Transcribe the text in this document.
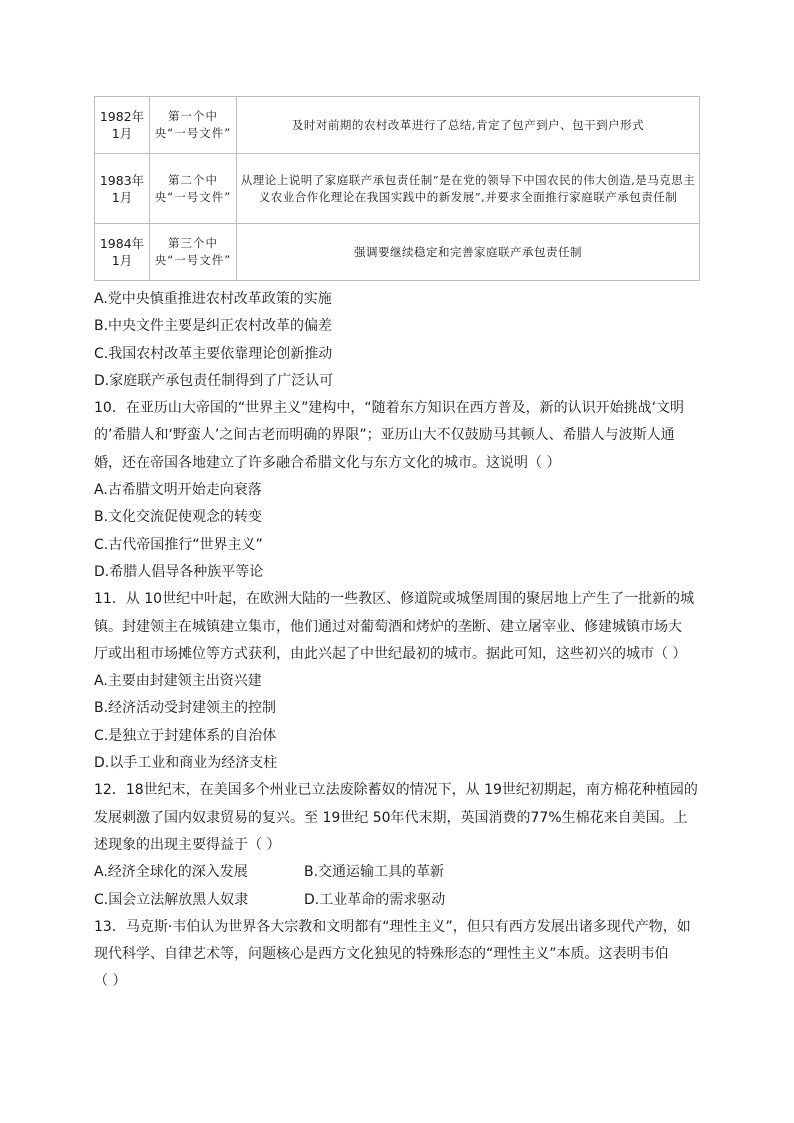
1982年1月	第一个中央“一号文件”	及时对前期的农村改革进行了总结,肯定了包产到户、包干到户形式
1983年1月	第二个中央“一号文件”	从理论上说明了家庭联产承包责任制“是在党的领导下中国农民的伟大创造,是马克思主义农业合作化理论在我国实践中的新发展”,并要求全面推行家庭联产承包责任制
1984年1月	第三个中央“一号文件”	强调要继续稳定和完善家庭联产承包责任制
A.党中央慎重推进农村改革政策的实施
B.中央文件主要是纠正农村改革的偏差
C.我国农村改革主要依靠理论创新推动
D.家庭联产承包责任制得到了广泛认可
10．在亚历山大帝国的“世界主义”建构中，“随着东方知识在西方普及，新的认识开始挑战‘文明
的’希腊人和‘野蛮人’之间古老而明确的界限”；亚历山大不仅鼓励马其顿人、希腊人与波斯人通
婚，还在帝国各地建立了许多融合希腊文化与东方文化的城市。这说明（ ）
A.古希腊文明开始走向衰落
B.文化交流促使观念的转变
C.古代帝国推行“世界主义”
D.希腊人倡导各种族平等论
11．从 10世纪中叶起，在欧洲大陆的一些教区、修道院或城堡周围的聚居地上产生了一批新的城
镇。封建领主在城镇建立集市，他们通过对葡萄酒和烤炉的垄断、建立屠宰业、修建城镇市场大
厅或出租市场摊位等方式获利，由此兴起了中世纪最初的城市。据此可知，这些初兴的城市（ ）
A.主要由封建领主出资兴建
B.经济活动受封建领主的控制
C.是独立于封建体系的自治体
D.以手工业和商业为经济支柱
12．18世纪末，在美国多个州业已立法废除蓄奴的情况下，从 19世纪初期起，南方棉花种植园的
发展刺激了国内奴隶贸易的复兴。至 19世纪 50年代末期，英国消费的77%生棉花来自美国。上
述现象的出现主要得益于（ ）
A.经济全球化的深入发展	B.交通运输工具的革新
C.国会立法解放黑人奴隶	D.工业革命的需求驱动
13．马克斯·韦伯认为世界各大宗教和文明都有“理性主义”，但只有西方发展出诸多现代产物，如
现代科学、自律艺术等，问题核心是西方文化独见的特殊形态的“理性主义”本质。这表明韦伯
（ ）
